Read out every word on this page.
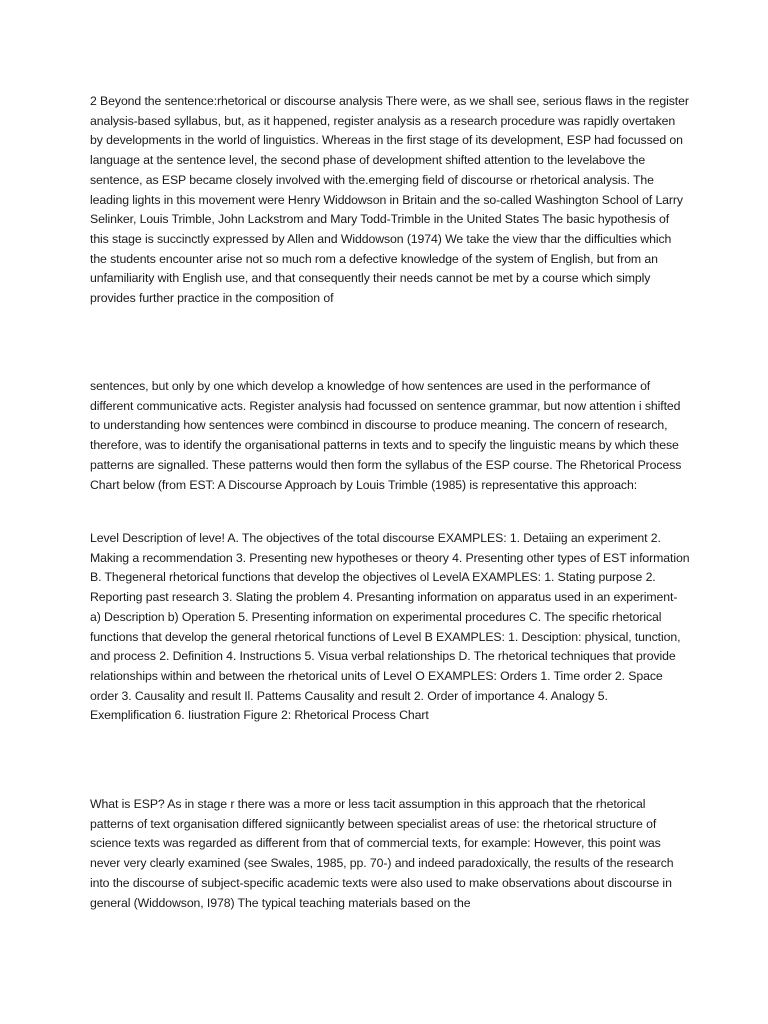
2 Beyond the sentence:rhetorical or discourse analysis There were, as we shall see, serious flaws in the register analysis-based syllabus, but, as it happened, register analysis as a research procedure was rapidly overtaken by developments in the world of linguistics. Whereas in the first stage of its development, ESP had focussed on language at the sentence level, the second phase of development shifted attention to the levelabove the sentence, as ESP became closely involved with the.emerging field of discourse or rhetorical analysis. The leading lights in this movement were Henry Widdowson in Britain and the so-called Washington School of Larry Selinker, Louis Trimble, John Lackstrom and Mary Todd-Trimble in the United States The basic hypothesis of this stage is succinctly expressed by Allen and Widdowson (1974) We take the view thar the difficulties which the students encounter arise not so much rom a defective knowledge of the system of English, but from an unfamiliarity with English use, and that consequently their needs cannot be met by a course which simply provides further practice in the composition of

sentences, but only by one which develop a knowledge of how sentences are used in the performance of different communicative acts. Register analysis had focussed on sentence grammar, but now attention i shifted to understanding how sentences were combincd in discourse to produce meaning. The concern of research, therefore, was to identify the organisational patterns in texts and to specify the linguistic means by which these patterns are signalled. These patterns would then form the syllabus of the ESP course. The Rhetorical Process Chart below (from EST: A Discourse Approach by Louis Trimble (1985) is representative this approach:

Level Description of leve! A. The objectives of the total discourse EXAMPLES: 1. Detaiing an experiment 2. Making a recommendation 3. Presenting new hypotheses or theory 4. Presenting other types of EST information B. Thegeneral rhetorical functions that develop the objectives ol LevelA EXAMPLES: 1. Stating purpose 2. Reporting past research 3. Slating the problem 4. Presanting information on apparatus used in an experiment- a) Description b) Operation 5. Presenting information on experimental procedures C. The specific rhetorical functions that develop the general rhetorical functions of Level B EXAMPLES: 1. Desciption: physical, tunction, and process 2. Definition 4. Instructions 5. Visua verbal relationships D. The rhetorical techniques that provide relationships within and between the rhetorical units of Level O EXAMPLES: Orders 1. Time order 2. Space order 3. Causality and result Il. Pattems Causality and result 2. Order of importance 4. Analogy 5. Exemplification 6. Iiustration Figure 2: Rhetorical Process Chart

What is ESP? As in stage r there was a more or less tacit assumption in this approach that the rhetorical patterns of text organisation differed signiicantly between specialist areas of use: the rhetorical structure of science texts was regarded as different from that of commercial texts, for example: However, this point was never very clearly examined (see Swales, 1985, pp. 70-) and indeed paradoxically, the results of the research into the discourse of subject-specific academic texts were also used to make observations about discourse in general (Widdowson, I978) The typical teaching materials based on the
